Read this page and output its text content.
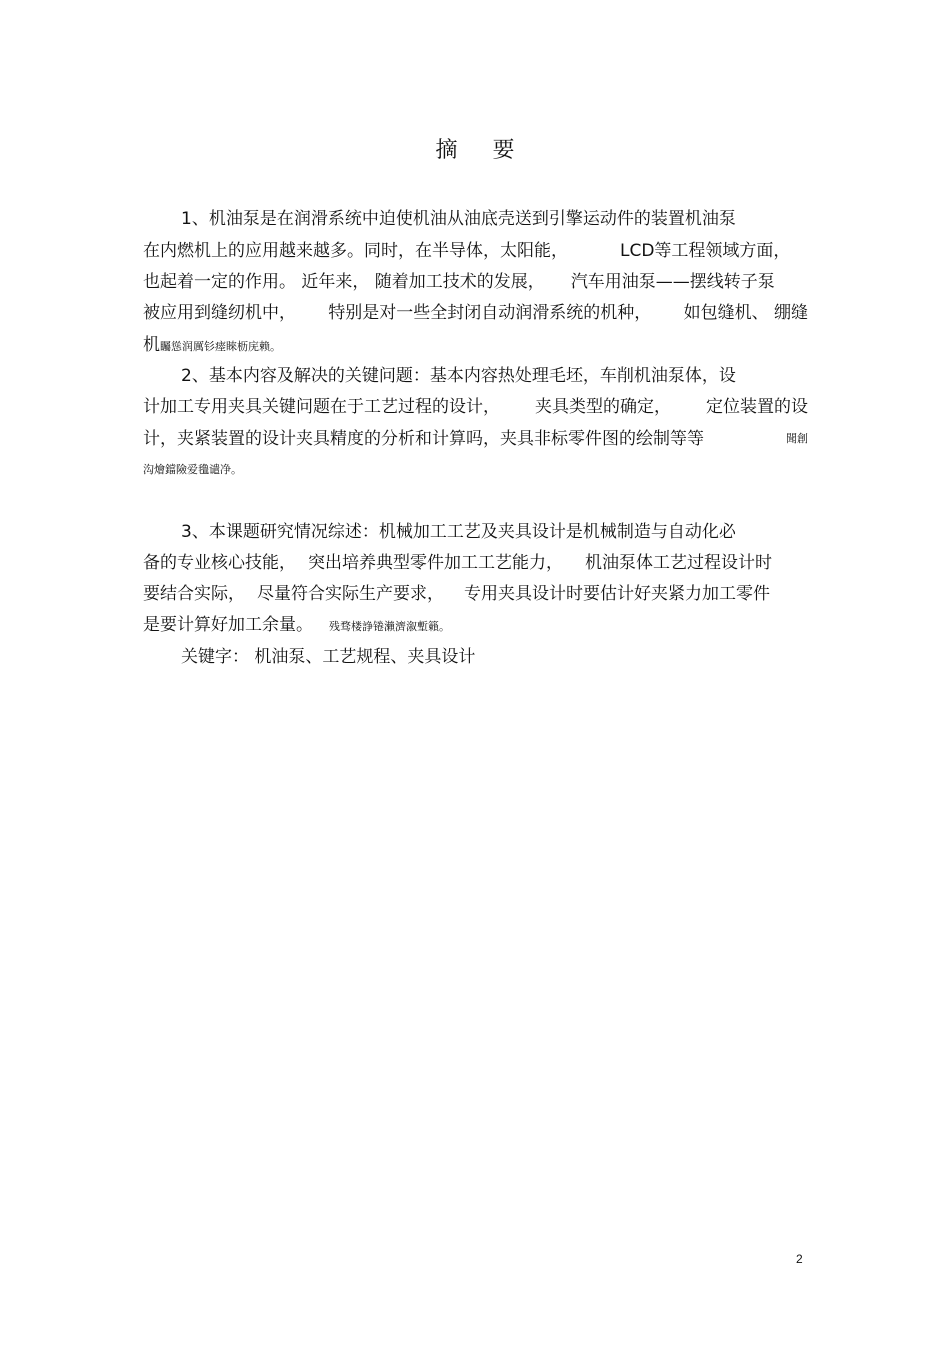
摘 要
1、机油泵是在润滑系统中迫使机油从油底壳送到引擎运动件的装置机油泵
在内燃机上的应用越来越多。同时，在半导体，太阳能，	LCD等工程领域方面，
也起着一定的作用。 近年来， 随着加工技术的发展， 汽车用油泵——摆线转子泵
被应用到缝纫机中， 特别是对一些全封闭自动润滑系统的机种， 如包缝机、 绷缝
机矚慫润厲钐瘗睞枥庑赖。
2、基本内容及解决的关键问题：基本内容热处理毛坯，车削机油泵体，设
计加工专用夹具关键问题在于工艺过程的设计， 夹具类型的确定， 定位装置的设
计，夹紧装置的设计夹具精度的分析和计算吗，夹具非标零件图的绘制等等	聞創
沟燴鐺險爱氇谴净。
3、本课题研究情况综述：机械加工工艺及夹具设计是机械制造与自动化必
备的专业核心技能， 突出培养典型零件加工工艺能力， 机油泵体工艺过程设计时
要结合实际， 尽量符合实际生产要求， 专用夹具设计时要估计好夹紧力加工零件
是要计算好加工余量。 残骛楼諍锩瀨濟溆塹籟。
关键字： 机油泵、工艺规程、夹具设计
2
